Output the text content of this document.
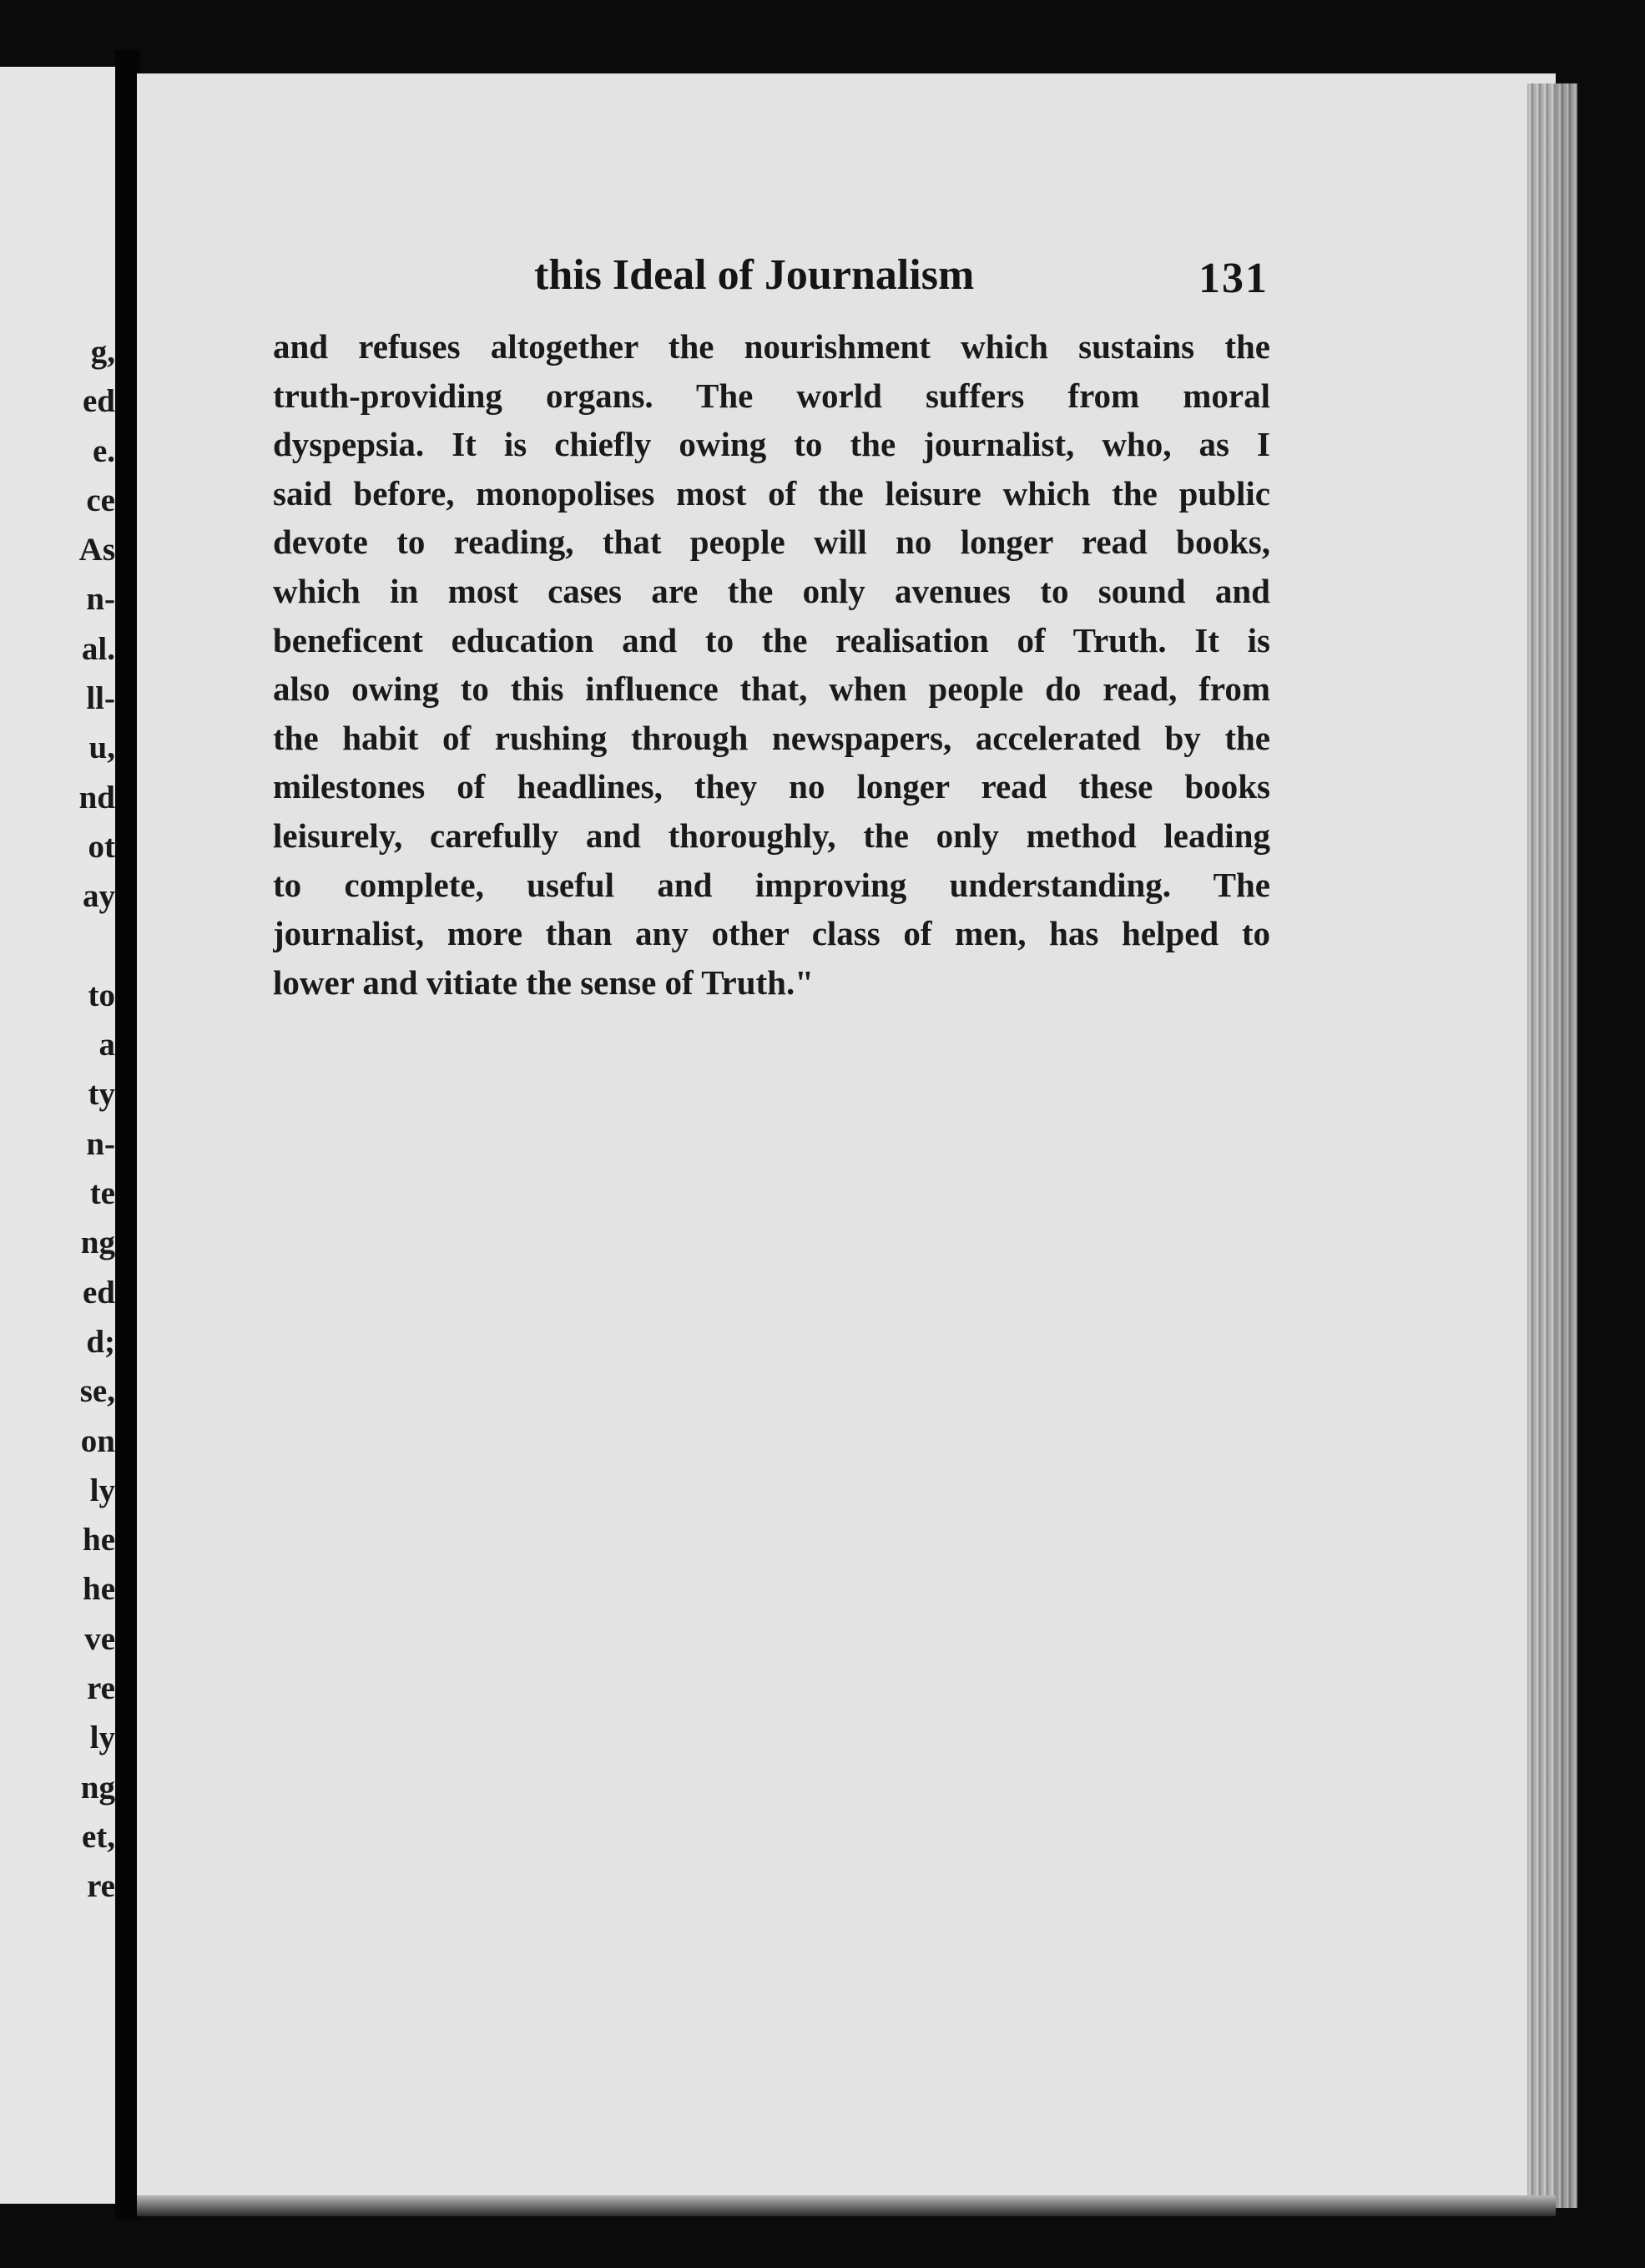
g,
ed
e.
ce
As
n-
al.
ll-
u,
nd
ot
ay
to
a
ty
n-
te
ng
ed
d;
se,
on
ly
he
he
ve
re
ly
ng
et,
re
this Ideal of Journalism	131
and refuses altogether the nourishment which sustains the
truth-providing organs. The world suffers from moral
dyspepsia. It is chiefly owing to the journalist, who, as I
said before, monopolises most of the leisure which the public
devote to reading, that people will no longer read books,
which in most cases are the only avenues to sound and
beneficent education and to the realisation of Truth. It is
also owing to this influence that, when people do read, from
the habit of rushing through newspapers, accelerated by the
milestones of headlines, they no longer read these books
leisurely, carefully and thoroughly, the only method leading
to complete, useful and improving understanding. The
journalist, more than any other class of men, has helped to
lower and vitiate the sense of Truth."
